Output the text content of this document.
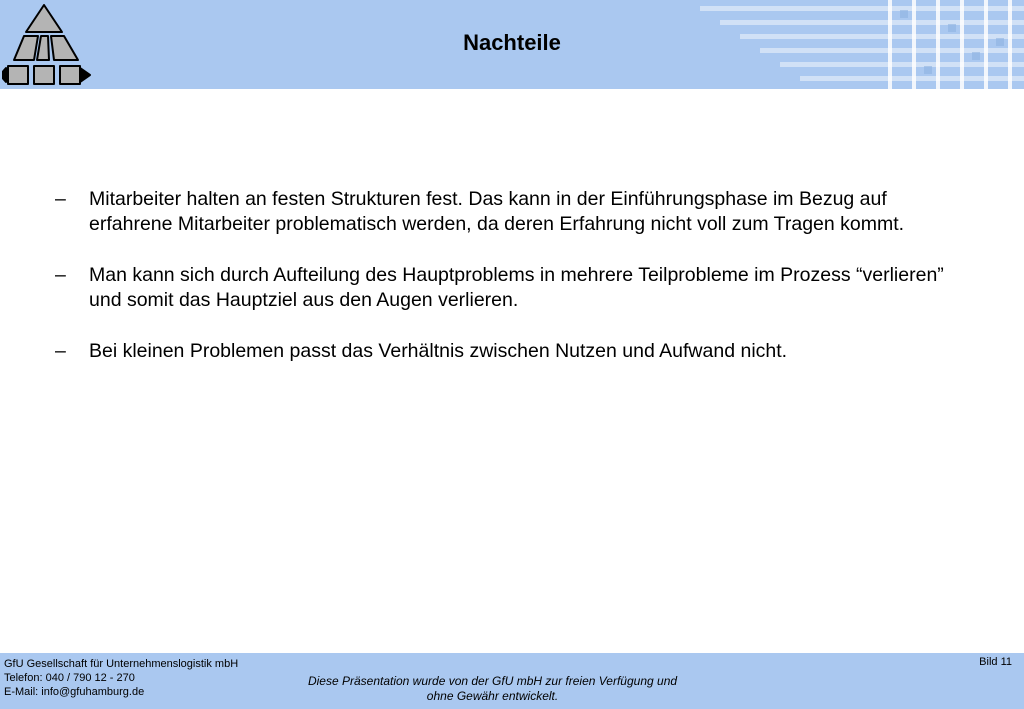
Nachteile
– Mitarbeiter halten an festen Strukturen fest. Das kann in der Einführungsphase im Bezug auf erfahrene Mitarbeiter problematisch werden, da deren Erfahrung nicht voll zum Tragen kommt.
– Man kann sich durch Aufteilung des Hauptproblems in mehrere Teilprobleme im Prozess “verlieren” und somit das Hauptziel aus den Augen verlieren.
– Bei kleinen Problemen passt das Verhältnis zwischen Nutzen und Aufwand nicht.
GfU Gesellschaft für Unternehmenslogistik mbH
Telefon: 040 / 790 12 - 270
E-Mail: info@gfuhamburg.de
Diese Präsentation wurde von der GfU mbH zur freien Verfügung und
ohne Gewähr entwickelt.
Bild 11
